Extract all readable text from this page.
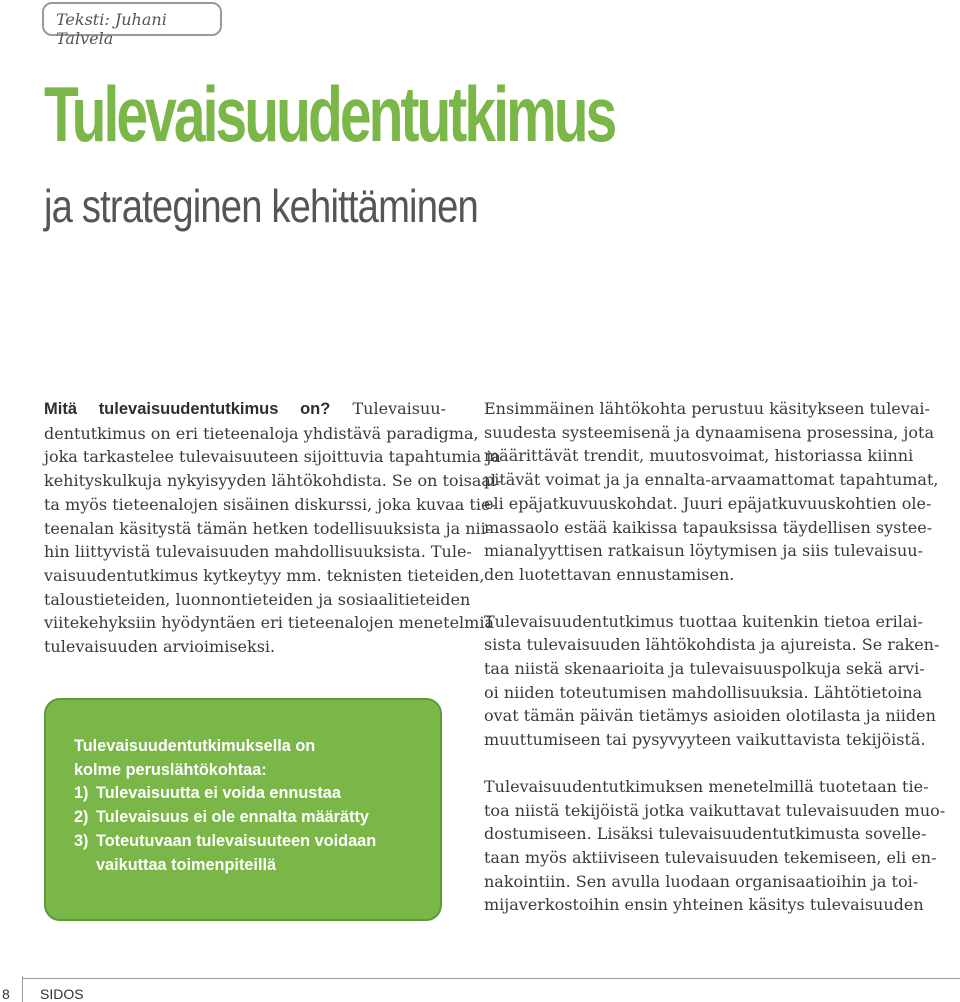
Teksti: Juhani Talvela
Tulevaisuudentutkimus
ja strateginen kehittäminen
Mitä tulevaisuudentutkimus on? Tulevaisuu-
dentutkimus on eri tieteenaloja yhdistävä paradigma,
joka tarkastelee tulevaisuuteen sijoittuvia tapahtumia ja
kehityskulkuja nykyisyyden lähtökohdista. Se on toisaal-
ta myös tieteenalojen sisäinen diskurssi, joka kuvaa tie-
teenalan käsitystä tämän hetken todellisuuksista ja nii-
hin liittyvistä tulevaisuuden mahdollisuuksista. Tule-
vaisuudentutkimus kytkeytyy mm. teknisten tieteiden,
taloustieteiden, luonnontieteiden ja sosiaalitieteiden
viitekehyksiin hyödyntäen eri tieteenalojen menetelmiä
tulevaisuuden arvioimiseksi.
Tulevaisuudentutkimuksella on
kolme peruslähtökohtaa:
1) Tulevaisuutta ei voida ennustaa
2) Tulevaisuus ei ole ennalta määrätty
3) Toteutuvaan tulevaisuuteen voidaan
vaikuttaa toimenpiteillä
Ensimmäinen lähtökohta perustuu käsitykseen tulevai-
suudesta systeemisenä ja dynaamisena prosessina, jota
määrittävät trendit, muutosvoimat, historiassa kiinni
pitävät voimat ja ja ennalta-arvaamattomat tapahtumat,
eli epäjatkuvuuskohdat. Juuri epäjatkuvuuskohtien ole-
massaolo estää kaikissa tapauksissa täydellisen systee-
mianalyyttisen ratkaisun löytymisen ja siis tulevaisuu-
den luotettavan ennustamisen.
Tulevaisuudentutkimus tuottaa kuitenkin tietoa erilai-
sista tulevaisuuden lähtökohdista ja ajureista. Se raken-
taa niistä skenaarioita ja tulevaisuuspolkuja sekä arvi-
oi niiden toteutumisen mahdollisuuksia. Lähtötietoina
ovat tämän päivän tietämys asioiden olotilasta ja niiden
muuttumiseen tai pysyvyyteen vaikuttavista tekijöistä.
Tulevaisuudentutkimuksen menetelmillä tuotetaan tie-
toa niistä tekijöistä jotka vaikuttavat tulevaisuuden muo-
dostumiseen. Lisäksi tulevaisuudentutkimusta sovelle-
taan myös aktiiviseen tulevaisuuden tekemiseen, eli en-
nakointiin. Sen avulla luodaan organisaatioihin ja toi-
mijaverkostoihin ensin yhteinen käsitys tulevaisuuden
8 SIDOS
